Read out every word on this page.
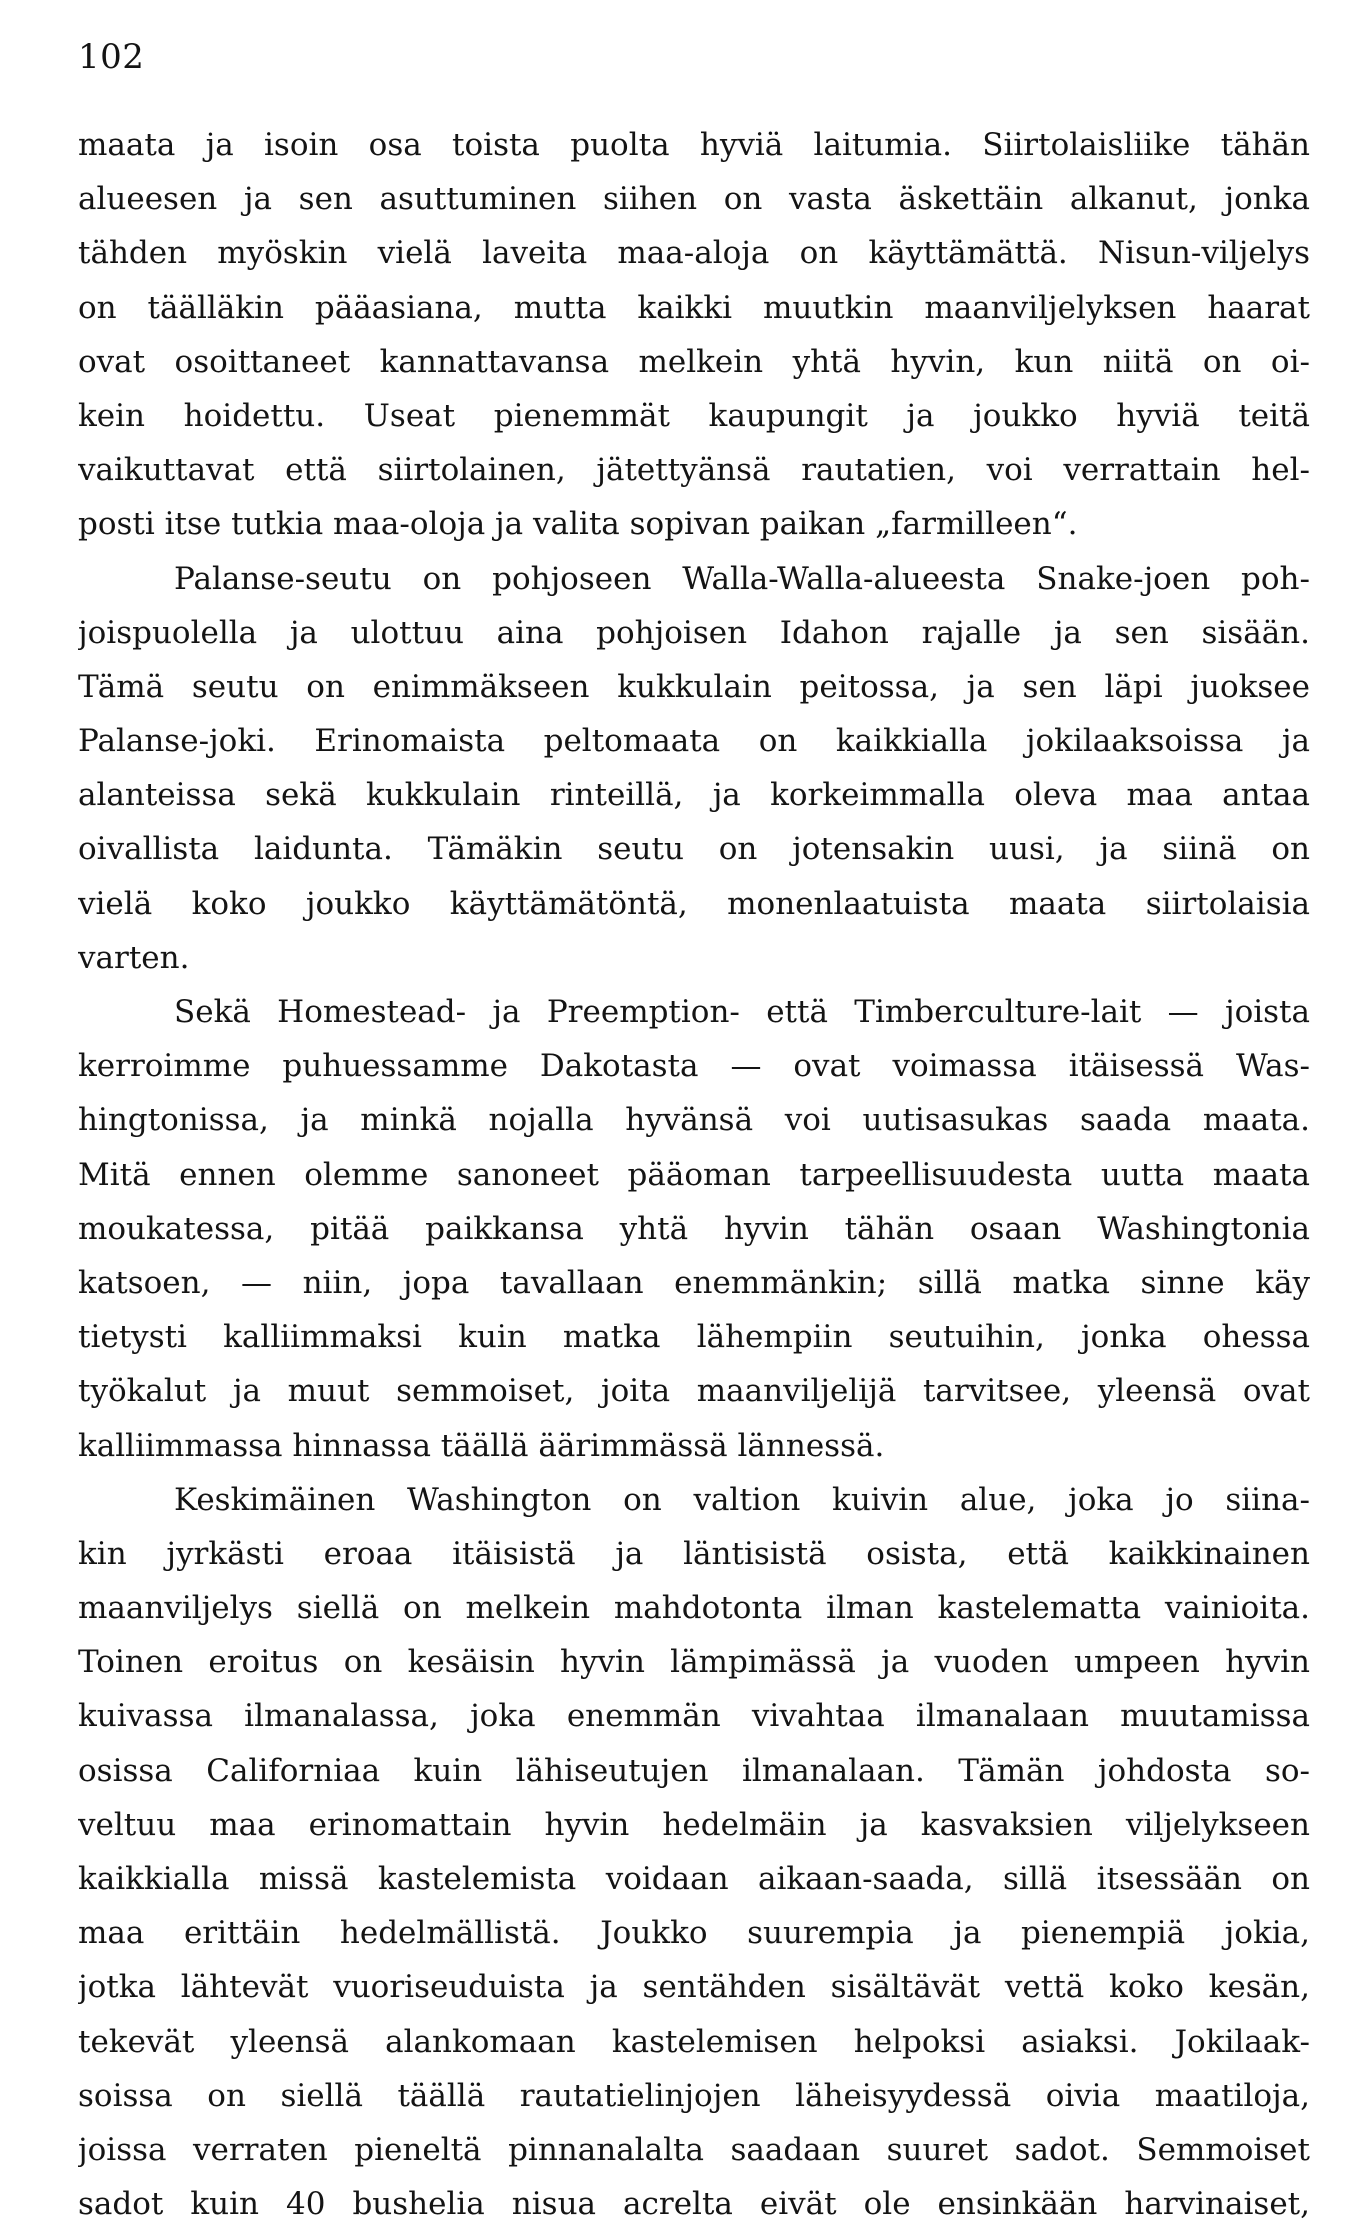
102
maata ja isoin osa toista puolta hyviä laitumia. Siirtolaisliike tähän
alueesen ja sen asuttuminen siihen on vasta äskettäin alkanut, jonka
tähden myöskin vielä laveita maa-aloja on käyttämättä. Nisun-viljelys
on täälläkin pääasiana, mutta kaikki muutkin maanviljelyksen haarat
ovat osoittaneet kannattavansa melkein yhtä hyvin, kun niitä on oi-
kein hoidettu. Useat pienemmät kaupungit ja joukko hyviä teitä
vaikuttavat että siirtolainen, jätettyänsä rautatien, voi verrattain hel-
posti itse tutkia maa-oloja ja valita sopivan paikan „farmilleen“.
Palanse-seutu on pohjoseen Walla-Walla-alueesta Snake-joen poh-
joispuolella ja ulottuu aina pohjoisen Idahon rajalle ja sen sisään.
Tämä seutu on enimmäkseen kukkulain peitossa, ja sen läpi juoksee
Palanse-joki. Erinomaista peltomaata on kaikkialla jokilaaksoissa ja
alanteissa sekä kukkulain rinteillä, ja korkeimmalla oleva maa antaa
oivallista laidunta. Tämäkin seutu on jotensakin uusi, ja siinä on
vielä koko joukko käyttämätöntä, monenlaatuista maata siirtolaisia
varten.
Sekä Homestead- ja Preemption- että Timberculture-lait — joista
kerroimme puhuessamme Dakotasta — ovat voimassa itäisessä Was-
hingtonissa, ja minkä nojalla hyvänsä voi uutisasukas saada maata.
Mitä ennen olemme sanoneet pääoman tarpeellisuudesta uutta maata
moukatessa, pitää paikkansa yhtä hyvin tähän osaan Washingtonia
katsoen, — niin, jopa tavallaan enemmänkin; sillä matka sinne käy
tietysti kalliimmaksi kuin matka lähempiin seutuihin, jonka ohessa
työkalut ja muut semmoiset, joita maanviljelijä tarvitsee, yleensä ovat
kalliimmassa hinnassa täällä äärimmässä lännessä.
Keskimäinen Washington on valtion kuivin alue, joka jo siina-
kin jyrkästi eroaa itäisistä ja läntisistä osista, että kaikkinainen
maanviljelys siellä on melkein mahdotonta ilman kastelematta vainioita.
Toinen eroitus on kesäisin hyvin lämpimässä ja vuoden umpeen hyvin
kuivassa ilmanalassa, joka enemmän vivahtaa ilmanalaan muutamissa
osissa Californiaa kuin lähiseutujen ilmanalaan. Tämän johdosta so-
veltuu maa erinomattain hyvin hedelmäin ja kasvaksien viljelykseen
kaikkialla missä kastelemista voidaan aikaan-saada, sillä itsessään on
maa erittäin hedelmällistä. Joukko suurempia ja pienempiä jokia,
jotka lähtevät vuoriseuduista ja sentähden sisältävät vettä koko kesän,
tekevät yleensä alankomaan kastelemisen helpoksi asiaksi. Jokilaak-
soissa on siellä täällä rautatielinjojen läheisyydessä oivia maatiloja,
joissa verraten pieneltä pinnanalalta saadaan suuret sadot. Semmoiset
sadot kuin 40 bushelia nisua acrelta eivät ole ensinkään harvinaiset,
